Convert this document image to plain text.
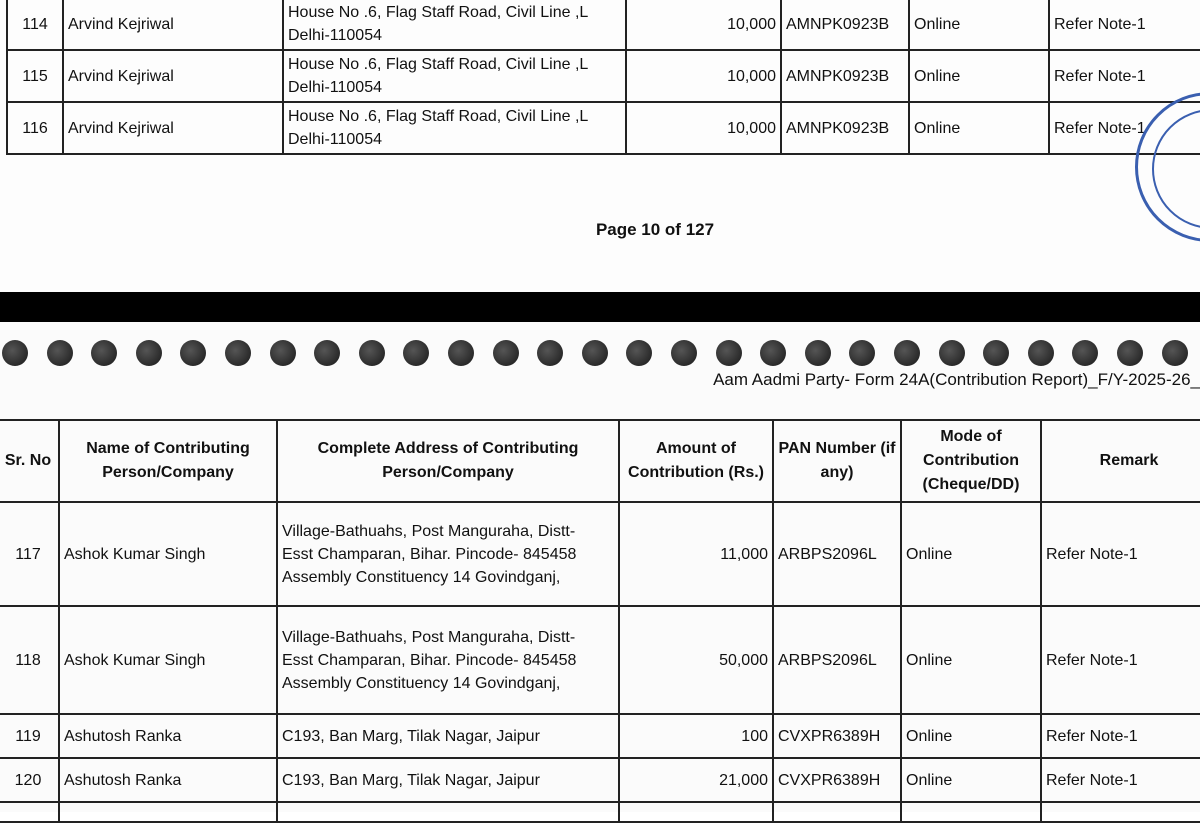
114	Arvind Kejriwal	House No .6, Flag Staff Road, Civil Line ,L
Delhi-110054	10,000	AMNPK0923B	Online	Refer Note-1
115	Arvind Kejriwal	House No .6, Flag Staff Road, Civil Line ,L
Delhi-110054	10,000	AMNPK0923B	Online	Refer Note-1
116	Arvind Kejriwal	House No .6, Flag Staff Road, Civil Line ,L
Delhi-110054	10,000	AMNPK0923B	Online	Refer Note-1
Page 10 of 127
Aam Aadmi Party- Form 24A(Contribution Report)_F/Y-2025-26_
Sr. No	Name of Contributing Person/Company	Complete Address of Contributing Person/Company	Amount of Contribution (Rs.)	PAN Number (if any)	Mode of Contribution (Cheque/DD)	Remark
117	Ashok Kumar Singh	Village-Bathuahs, Post Manguraha, Distt-
Esst Champaran, Bihar. Pincode- 845458
Assembly Constituency 14 Govindganj,	11,000	ARBPS2096L	Online	Refer Note-1
118	Ashok Kumar Singh	Village-Bathuahs, Post Manguraha, Distt-
Esst Champaran, Bihar. Pincode- 845458
Assembly Constituency 14 Govindganj,	50,000	ARBPS2096L	Online	Refer Note-1
119	Ashutosh Ranka	C193, Ban Marg, Tilak Nagar, Jaipur	100	CVXPR6389H	Online	Refer Note-1
120	Ashutosh Ranka	C193, Ban Marg, Tilak Nagar, Jaipur	21,000	CVXPR6389H	Online	Refer Note-1
